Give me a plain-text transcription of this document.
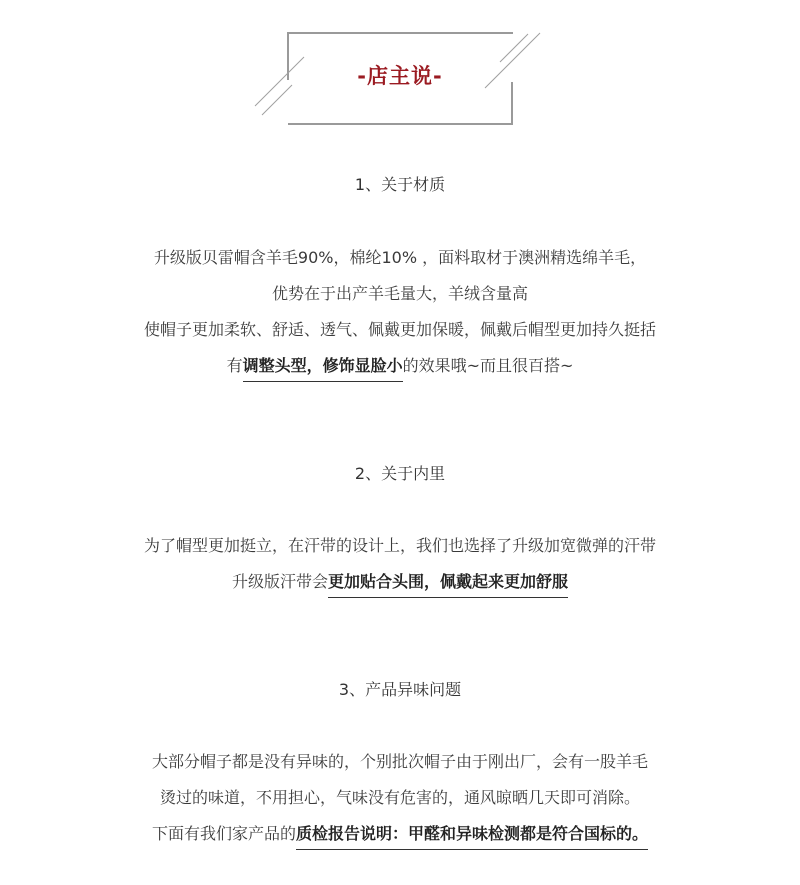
-店主说-
1、关于材质
升级版贝雷帽含羊毛90%，棉纶10% ，面料取材于澳洲精选绵羊毛，
优势在于出产羊毛量大，羊绒含量高
使帽子更加柔软、舒适、透气、佩戴更加保暖，佩戴后帽型更加持久挺括
有调整头型，修饰显脸小的效果哦~而且很百搭~
2、关于内里
为了帽型更加挺立，在汗带的设计上，我们也选择了升级加宽微弹的汗带
升级版汗带会更加贴合头围，佩戴起来更加舒服
3、产品异味问题
大部分帽子都是没有异味的，个别批次帽子由于刚出厂，会有一股羊毛
烫过的味道，不用担心，气味没有危害的，通风晾晒几天即可消除。
下面有我们家产品的质检报告说明：甲醛和异味检测都是符合国标的。
